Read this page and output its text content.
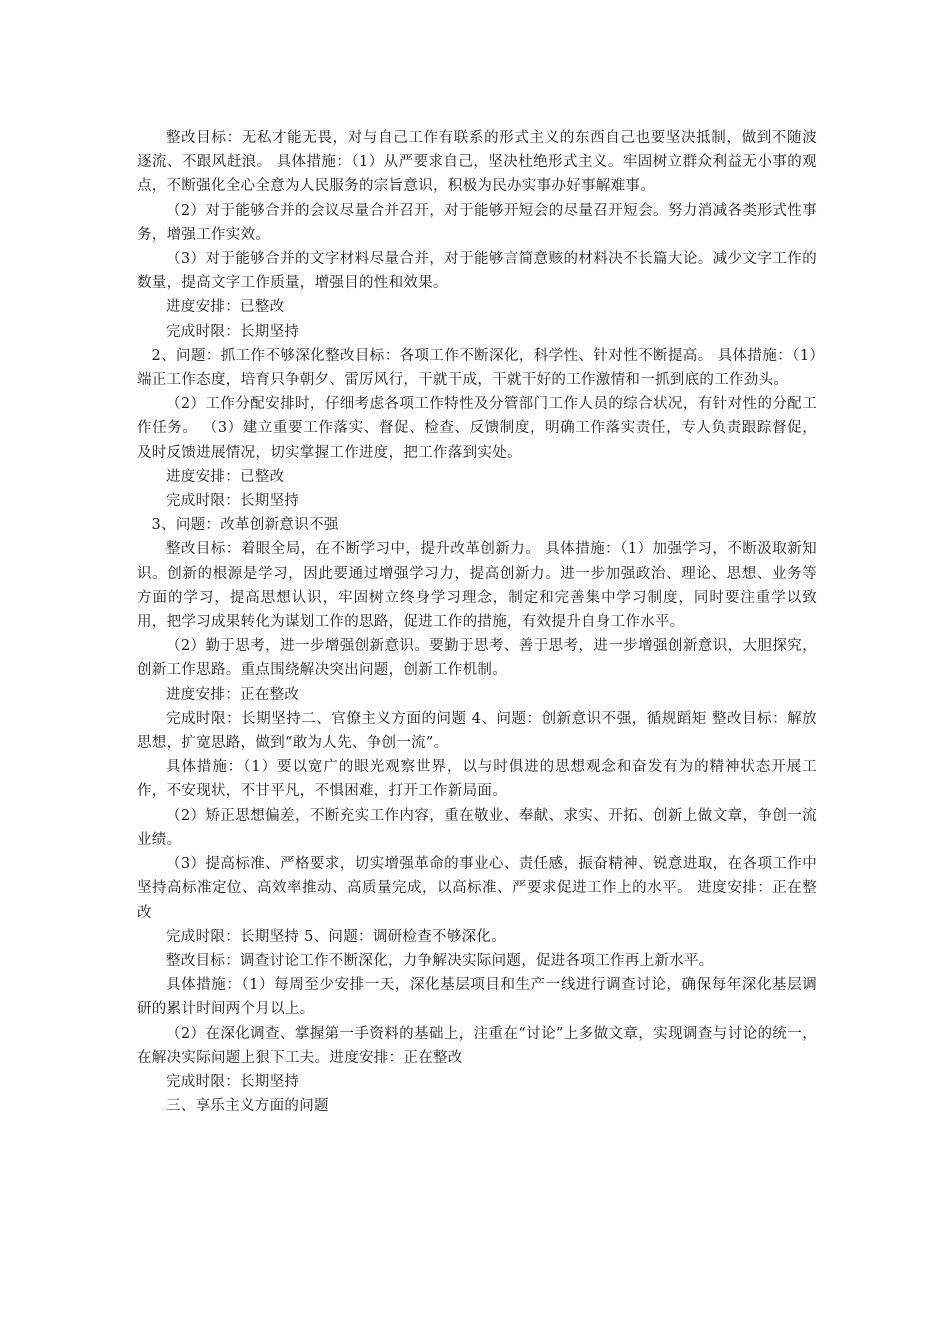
整改目标：无私才能无畏，对与自己工作有联系的形式主义的东西自己也要坚决抵制，做到不随波逐流、不跟风赶浪。 具体措施：（1）从严要求自己，坚决杜绝形式主义。牢固树立群众利益无小事的观点，不断强化全心全意为人民服务的宗旨意识，积极为民办实事办好事解难事。

（2）对于能够合并的会议尽量合并召开，对于能够开短会的尽量召开短会。努力消减各类形式性事务，增强工作实效。

（3）对于能够合并的文字材料尽量合并，对于能够言简意赅的材料决不长篇大论。减少文字工作的数量，提高文字工作质量，增强目的性和效果。

进度安排：已整改

完成时限：长期坚持

2、问题：抓工作不够深化整改目标：各项工作不断深化，科学性、针对性不断提高。 具体措施：（1）端正工作态度，培育只争朝夕、雷厉风行，干就干成，干就干好的工作激情和一抓到底的工作劲头。

（2）工作分配安排时，仔细考虑各项工作特性及分管部门工作人员的综合状况，有针对性的分配工作任务。 （3）建立重要工作落实、督促、检查、反馈制度，明确工作落实责任，专人负责跟踪督促，及时反馈进展情况，切实掌握工作进度，把工作落到实处。

进度安排：已整改

完成时限：长期坚持

3、问题：改革创新意识不强

整改目标：着眼全局，在不断学习中，提升改革创新力。 具体措施：（1）加强学习，不断汲取新知识。创新的根源是学习，因此要通过增强学习力，提高创新力。进一步加强政治、理论、思想、业务等方面的学习，提高思想认识，牢固树立终身学习理念，制定和完善集中学习制度，同时要注重学以致用，把学习成果转化为谋划工作的思路，促进工作的措施，有效提升自身工作水平。

（2）勤于思考，进一步增强创新意识。要勤于思考、善于思考，进一步增强创新意识，大胆探究，创新工作思路。重点围绕解决突出问题，创新工作机制。

进度安排：正在整改

完成时限：长期坚持二、官僚主义方面的问题 4、问题：创新意识不强，循规蹈矩 整改目标：解放思想，扩宽思路，做到“敢为人先、争创一流”。

具体措施：（1）要以宽广的眼光观察世界，以与时俱进的思想观念和奋发有为的精神状态开展工作，不安现状，不甘平凡，不惧困难，打开工作新局面。

（2）矫正思想偏差，不断充实工作内容，重在敬业、奉献、求实、开拓、创新上做文章，争创一流业绩。

（3）提高标准、严格要求，切实增强革命的事业心、责任感，振奋精神、锐意进取，在各项工作中坚持高标准定位、高效率推动、高质量完成，以高标准、严要求促进工作上的水平。 进度安排：正在整改

完成时限：长期坚持 5、问题：调研检查不够深化。

整改目标：调查讨论工作不断深化，力争解决实际问题，促进各项工作再上新水平。

具体措施：（1）每周至少安排一天，深化基层项目和生产一线进行调查讨论，确保每年深化基层调研的累计时间两个月以上。

（2）在深化调查、掌握第一手资料的基础上，注重在“讨论”上多做文章，实现调查与讨论的统一，在解决实际问题上狠下工夫。进度安排：正在整改

完成时限：长期坚持

三、享乐主义方面的问题
